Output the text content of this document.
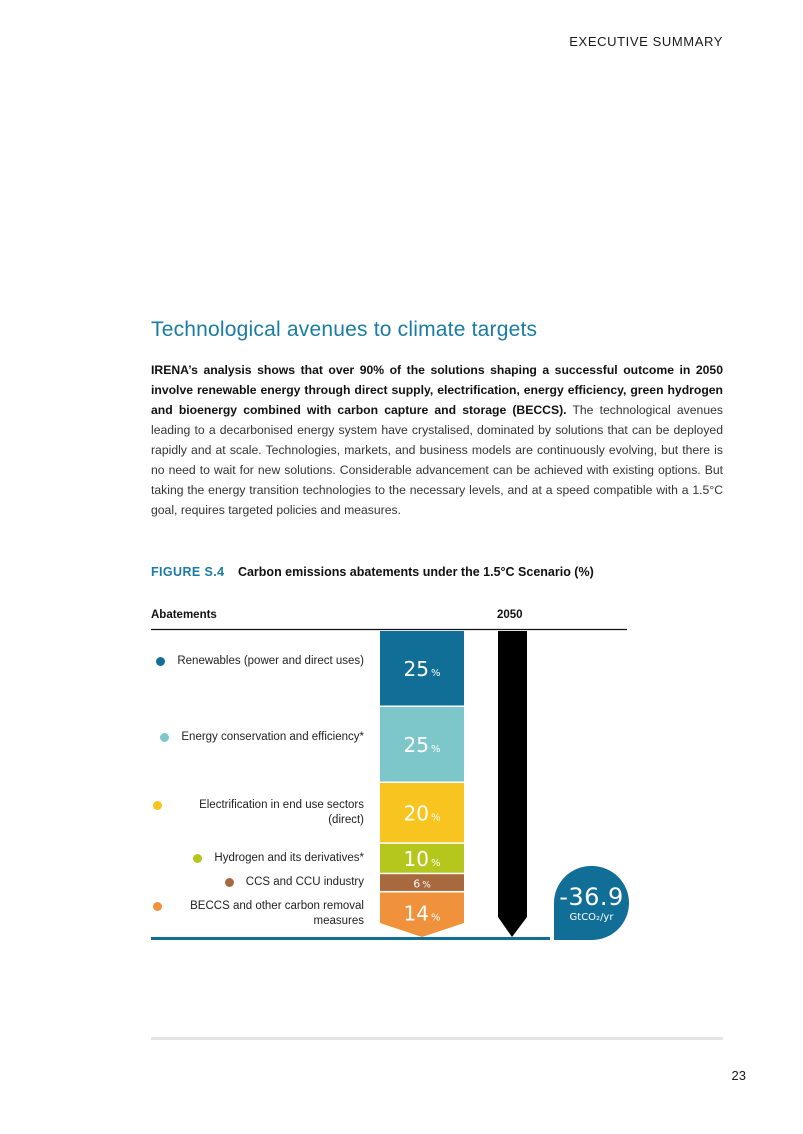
EXECUTIVE SUMMARY
Technological avenues to climate targets

IRENA’s analysis shows that over 90% of the solutions shaping a successful outcome in 2050 involve renewable energy through direct supply, electrification, energy efficiency, green hydrogen and bioenergy combined with carbon capture and storage (BECCS). The technological avenues leading to a decarbonised energy system have crystalised, dominated by solutions that can be deployed rapidly and at scale. Technologies, markets, and business models are continuously evolving, but there is no need to wait for new solutions. Considerable advancement can be achieved with existing options. But taking the energy transition technologies to the necessary levels, and at a speed compatible with a 1.5°C goal, requires targeted policies and measures.

FIGURE S.4 Carbon emissions abatements under the 1.5°C Scenario (%)
Abatements	2050
25 %
25 %
20 %
10 %
6 %
14 %
Renewables (power and direct uses)
Energy conservation and efficiency*
Electrification in end use sectors (direct)
Hydrogen and its derivatives*
CCS and CCU industry
BECCS and other carbon removal measures
-36.9
GtCO₂/yr
23
